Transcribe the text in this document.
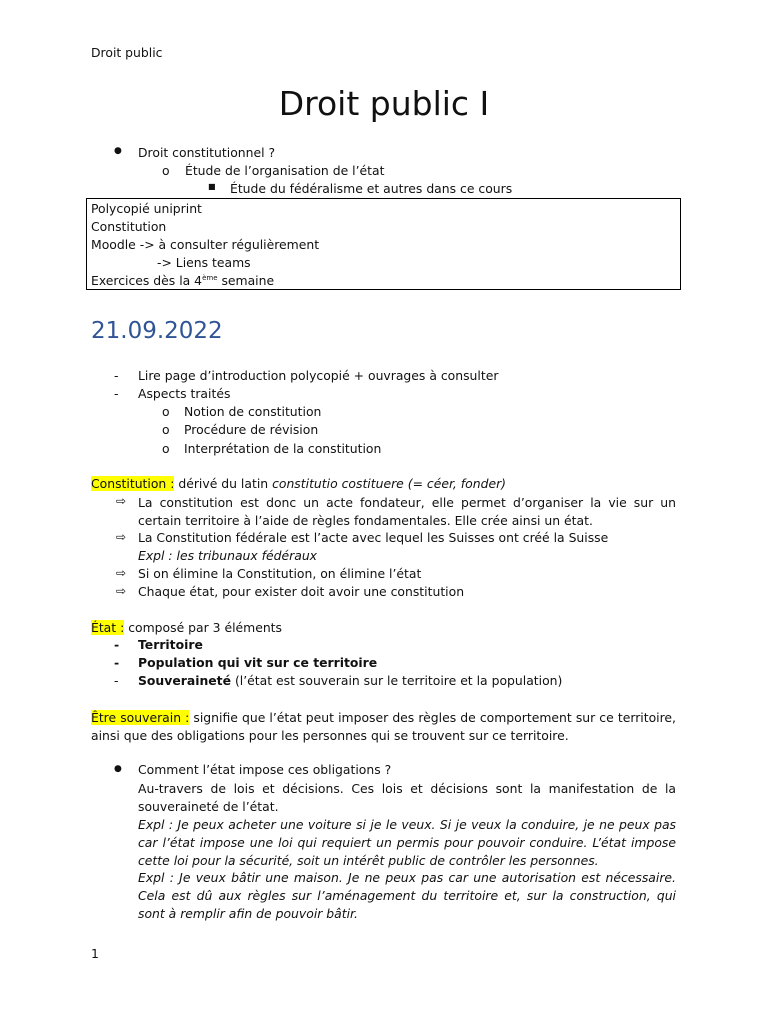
Droit public
Droit public I
● Droit constitutionnel ?
o Étude de l’organisation de l’état
■ Étude du fédéralisme et autres dans ce cours
Polycopié uniprint
Constitution
Moodle -> à consulter régulièrement
-> Liens teams
Exercices dès la 4ème semaine
21.09.2022
- Lire page d’introduction polycopié + ouvrages à consulter
- Aspects traités
o Notion de constitution
o Procédure de révision
o Interprétation de la constitution
Constitution : dérivé du latin constitutio costituere (= céer, fonder)
⇨ La constitution est donc un acte fondateur, elle permet d’organiser la vie sur un certain territoire à l’aide de règles fondamentales. Elle crée ainsi un état.
⇨ La Constitution fédérale est l’acte avec lequel les Suisses ont créé la Suisse
Expl : les tribunaux fédéraux
⇨ Si on élimine la Constitution, on élimine l’état
⇨ Chaque état, pour exister doit avoir une constitution
État : composé par 3 éléments
- Territoire
- Population qui vit sur ce territoire
- Souveraineté (l’état est souverain sur le territoire et la population)
Être souverain : signifie que l’état peut imposer des règles de comportement sur ce territoire, ainsi que des obligations pour les personnes qui se trouvent sur ce territoire.
● Comment l’état impose ces obligations ?
Au-travers de lois et décisions. Ces lois et décisions sont la manifestation de la souveraineté de l’état.
Expl : Je peux acheter une voiture si je le veux. Si je veux la conduire, je ne peux pas car l’état impose une loi qui requiert un permis pour pouvoir conduire. L’état impose cette loi pour la sécurité, soit un intérêt public de contrôler les personnes.
Expl : Je veux bâtir une maison. Je ne peux pas car une autorisation est nécessaire. Cela est dû aux règles sur l’aménagement du territoire et, sur la construction, qui sont à remplir afin de pouvoir bâtir.
1
